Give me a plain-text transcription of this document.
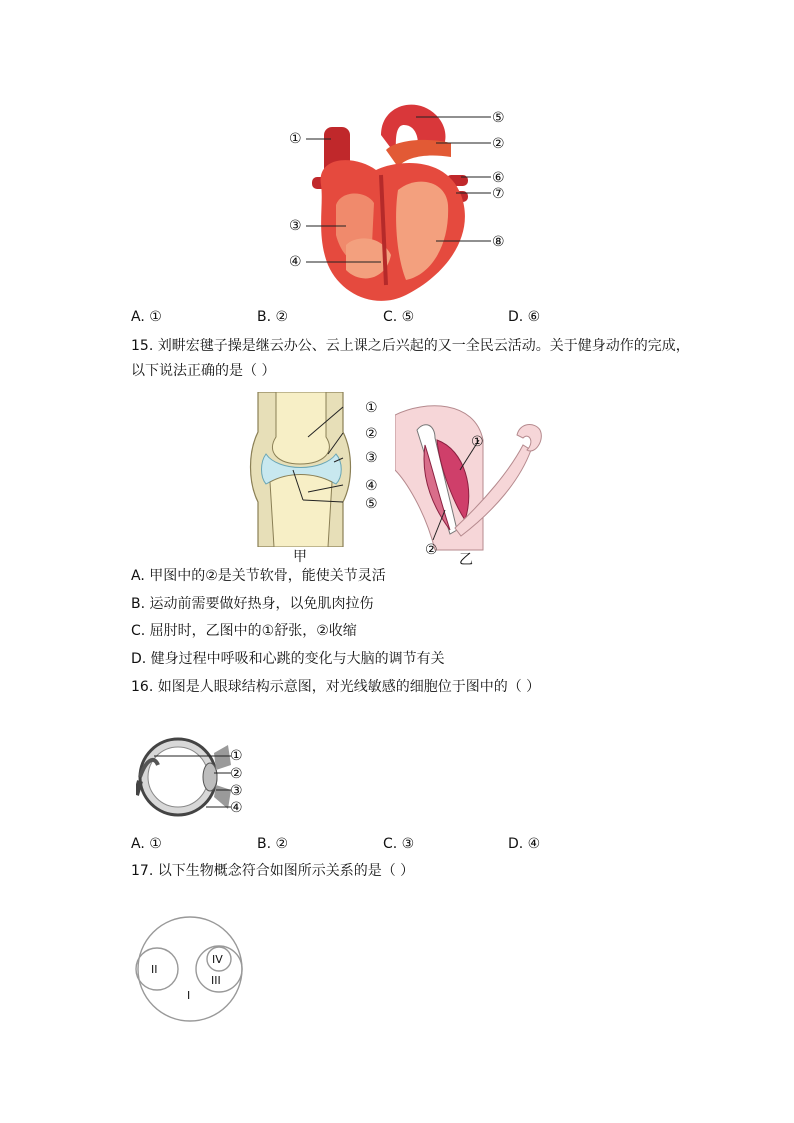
①
⑤
②
⑥
⑦
③
④
⑧
A. ①	B. ②	C. ⑤	D. ⑥
15. 刘畊宏毽子操是继云办公、云上课之后兴起的又一全民云活动。关于健身动作的完成，
以下说法正确的是（ ）
①
②
③
④
⑤
甲
①
②
乙
A. 甲图中的②是关节软骨，能使关节灵活
B. 运动前需要做好热身，以免肌肉拉伤
C. 屈肘时，乙图中的①舒张，②收缩
D. 健身过程中呼吸和心跳的变化与大脑的调节有关
16. 如图是人眼球结构示意图，对光线敏感的细胞位于图中的（ ）
①
②
③
④
A. ①	B. ②	C. ③	D. ④
17. 以下生物概念符合如图所示关系的是（ ）
I
II
III
IV
